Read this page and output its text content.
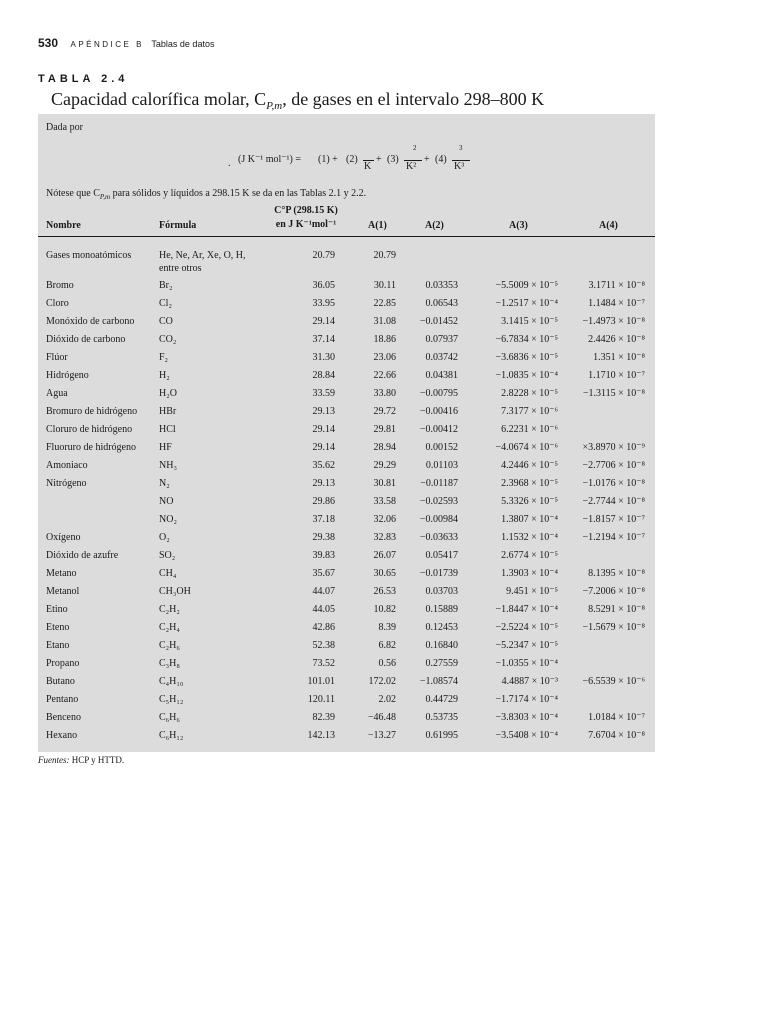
530 APÉNDICE B Tablas de datos
TABLA 2.4
Capacidad calorífica molar, $C_{P,m}$, de gases en el intervalo 298–800 K
Dada por
. (J K⁻¹ mol⁻¹) = (1) + (2)
K
+ (3)
2
K²
+ (4)
3
K³
Nótese que $C_{P,m}$ para sólidos y líquidos a 298.15 K se da en las Tablas 2.1 y 2.2.
Nombre	Fórmula
C°P (298.15 K)
en J K⁻¹mol⁻¹	A(1)	A(2)	A(3)	A(4)
Gases monoatómicos	He, Ne, Ar, Xe, O, H,	20.79	20.79
entre otros
Bromo	Br₂	36.05	30.11	0.03353	−5.5009 × 10⁻⁵	3.1711 × 10⁻⁸
Cloro	Cl₂	33.95	22.85	0.06543	−1.2517 × 10⁻⁴	1.1484 × 10⁻⁷
Monóxido de carbono CO	29.14	31.08 −0.01452	3.1415 × 10⁻⁵ −1.4973 × 10⁻⁸
Dióxido de carbono	CO₂	37.14	18.86	0.07937	−6.7834 × 10⁻⁵	2.4426 × 10⁻⁸
Flúor	F₂	31.30	23.06	0.03742	−3.6836 × 10⁻⁵	1.351 × 10⁻⁸
Hidrógeno	H₂	28.84	22.66	0.04381	−1.0835 × 10⁻⁴	1.1710 × 10⁻⁷
Agua	H₂O	33.59	33.80 −0.00795	2.8228 × 10⁻⁵ −1.3115 × 10⁻⁸
Bromuro de hidrógeno HBr	29.13	29.72 −0.00416	7.3177 × 10⁻⁶
Cloruro de hidrógeno	HCl	29.14	29.81 −0.00412	6.2231 × 10⁻⁶
Fluoruro de hidrógeno HF	29.14	28.94	0.00152	−4.0674 × 10⁻⁶ ×3.8970 × 10⁻⁹
Amoniaco	NH₃	35.62	29.29	0.01103	4.2446 × 10⁻⁵ −2.7706 × 10⁻⁸
Nitrógeno	N₂	29.13	30.81 −0.01187	2.3968 × 10⁻⁵ −1.0176 × 10⁻⁸
NO	29.86	33.58 −0.02593	5.3326 × 10⁻⁵ −2.7744 × 10⁻⁸
NO₂	37.18	32.06 −0.00984	1.3807 × 10⁻⁴ −1.8157 × 10⁻⁷
Oxígeno	O₂	29.38	32.83 −0.03633	1.1532 × 10⁻⁴ −1.2194 × 10⁻⁷
Dióxido de azufre	SO₂	39.83	26.07	0.05417	2.6774 × 10⁻⁵
Metano	CH₄	35.67	30.65 −0.01739	1.3903 × 10⁻⁴	8.1395 × 10⁻⁸
Metanol	CH₃OH	44.07	26.53	0.03703	9.451 × 10⁻⁵ −7.2006 × 10⁻⁸
Etino	C₂H₂	44.05	10.82	0.15889	−1.8447 × 10⁻⁴	8.5291 × 10⁻⁸
Eteno	C₂H₄	42.86	8.39	0.12453	−2.5224 × 10⁻⁵ −1.5679 × 10⁻⁸
Etano	C₂H₆	52.38	6.82	0.16840	−5.2347 × 10⁻⁵
Propano	C₃H₈	73.52	0.56	0.27559	−1.0355 × 10⁻⁴
Butano	C₄H₁₀	101.01	172.02 −1.08574	4.4887 × 10⁻³ −6.5539 × 10⁻⁶
Pentano	C₅H₁₂	120.11	2.02	0.44729	−1.7174 × 10⁻⁴
Benceno	C₆H₆	82.39	−46.48	0.53735	−3.8303 × 10⁻⁴	1.0184 × 10⁻⁷
Hexano	C₆H₁₂	142.13	−13.27	0.61995	−3.5408 × 10⁻⁴	7.6704 × 10⁻⁸
Fuentes: HCP y HTTD.
